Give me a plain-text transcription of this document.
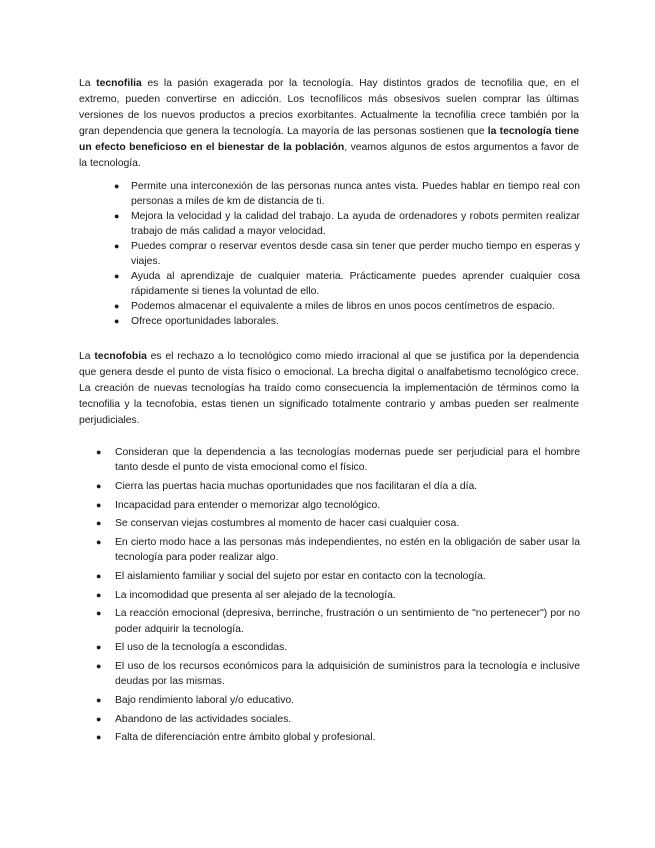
La tecnofilia es la pasión exagerada por la tecnología. Hay distintos grados de tecnofilia que, en el extremo, pueden convertirse en adicción. Los tecnofílicos más obsesivos suelen comprar las últimas versiones de los nuevos productos a precios exorbitantes. Actualmente la tecnofilia crece también por la gran dependencia que genera la tecnología. La mayoría de las personas sostienen que la tecnología tiene un efecto beneficioso en el bienestar de la población, veamos algunos de estos argumentos a favor de la tecnología.

● Permite una interconexión de las personas nunca antes vista. Puedes hablar en tiempo real con personas a miles de km de distancia de ti.
● Mejora la velocidad y la calidad del trabajo. La ayuda de ordenadores y robots permiten realizar trabajo de más calidad a mayor velocidad.
● Puedes comprar o reservar eventos desde casa sin tener que perder mucho tiempo en esperas y viajes.
● Ayuda al aprendizaje de cualquier materia. Prácticamente puedes aprender cualquier cosa rápidamente si tienes la voluntad de ello.
● Podemos almacenar el equivalente a miles de libros en unos pocos centímetros de espacio.
● Ofrece oportunidades laborales.

La tecnofobia es el rechazo a lo tecnológico como miedo irracional al que se justifica por la dependencia que genera desde el punto de vista físico o emocional. La brecha digital o analfabetismo tecnológico crece. La creación de nuevas tecnologías ha traído como consecuencia la implementación de términos como la tecnofilia y la tecnofobia, estas tienen un significado totalmente contrario y ambas pueden ser realmente perjudiciales.

● Consideran que la dependencia a las tecnologías modernas puede ser perjudicial para el hombre tanto desde el punto de vista emocional como el físico.
● Cierra las puertas hacia muchas oportunidades que nos facilitaran el día a día.
● Incapacidad para entender o memorizar algo tecnológico.
● Se conservan viejas costumbres al momento de hacer casi cualquier cosa.
● En cierto modo hace a las personas más independientes, no estén en la obligación de saber usar la tecnología para poder realizar algo.
● El aislamiento familiar y social del sujeto por estar en contacto con la tecnología.
● La incomodidad que presenta al ser alejado de la tecnología.
● La reacción emocional (depresiva, berrinche, frustración o un sentimiento de "no pertenecer") por no poder adquirir la tecnología.
● El uso de la tecnología a escondidas.
● El uso de los recursos económicos para la adquisición de suministros para la tecnología e inclusive deudas por las mismas.
● Bajo rendimiento laboral y/o educativo.
● Abandono de las actividades sociales.
● Falta de diferenciación entre ámbito global y profesional.
